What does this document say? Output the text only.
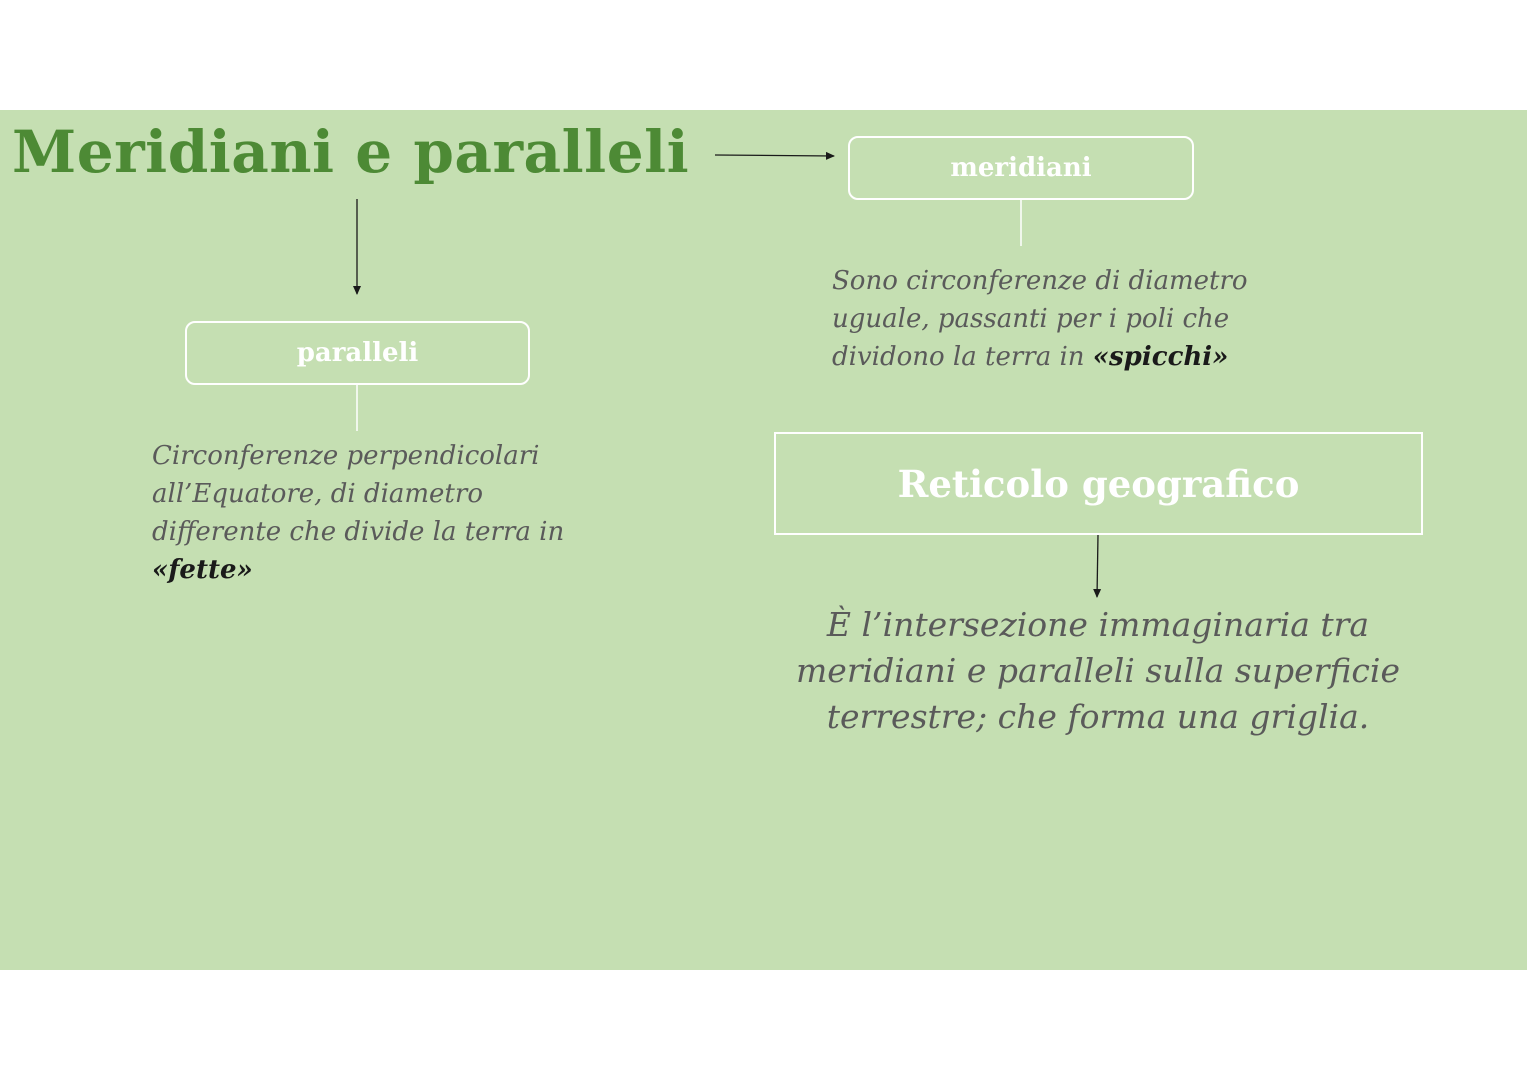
Meridiani e paralleli	meridiani
paralleli
Reticolo geografico

Sono circonferenze di diametro uguale, passanti per i poli che dividono la terra in «spicchi»

Circonferenze perpendicolari all’Equatore, di diametro differente che divide la terra in «fette»

È l’intersezione immaginaria tra meridiani e paralleli sulla superficie terrestre; che forma una griglia.
